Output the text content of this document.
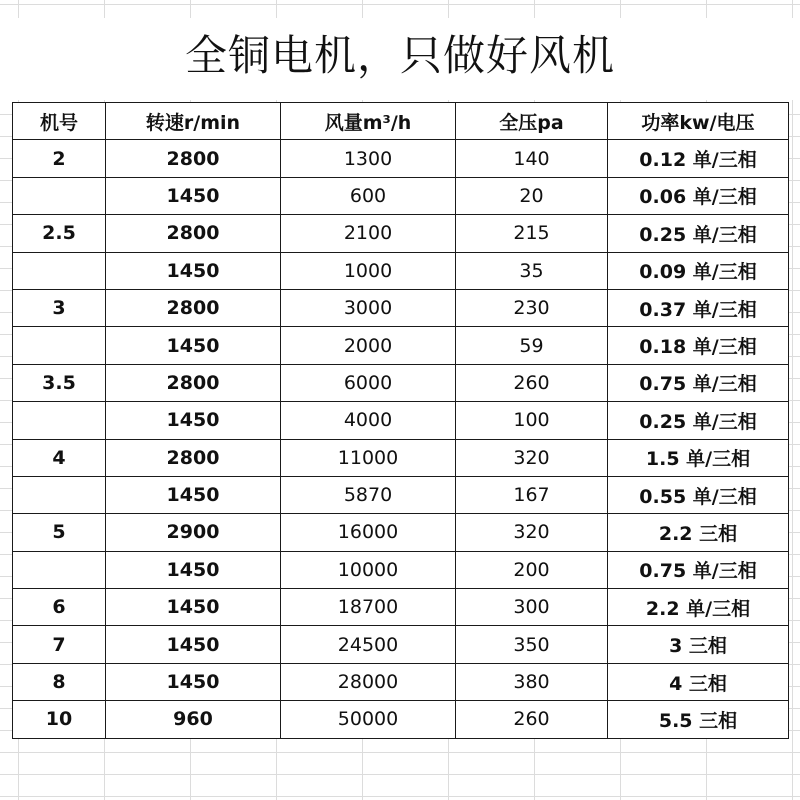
全铜电机，只做好风机
机号	转速r/min	风量m³/h	全压pa	功率kw/电压
2	2800	1300	140	0.12 单/三相
	1450	600	20	0.06 单/三相
2.5	2800	2100	215	0.25 单/三相
	1450	1000	35	0.09 单/三相
3	2800	3000	230	0.37 单/三相
	1450	2000	59	0.18 单/三相
3.5	2800	6000	260	0.75 单/三相
	1450	4000	100	0.25 单/三相
4	2800	11000	320	1.5 单/三相
	1450	5870	167	0.55 单/三相
5	2900	16000	320	2.2 三相
	1450	10000	200	0.75 单/三相
6	1450	18700	300	2.2 单/三相
7	1450	24500	350	3 三相
8	1450	28000	380	4 三相
10	960	50000	260	5.5 三相
